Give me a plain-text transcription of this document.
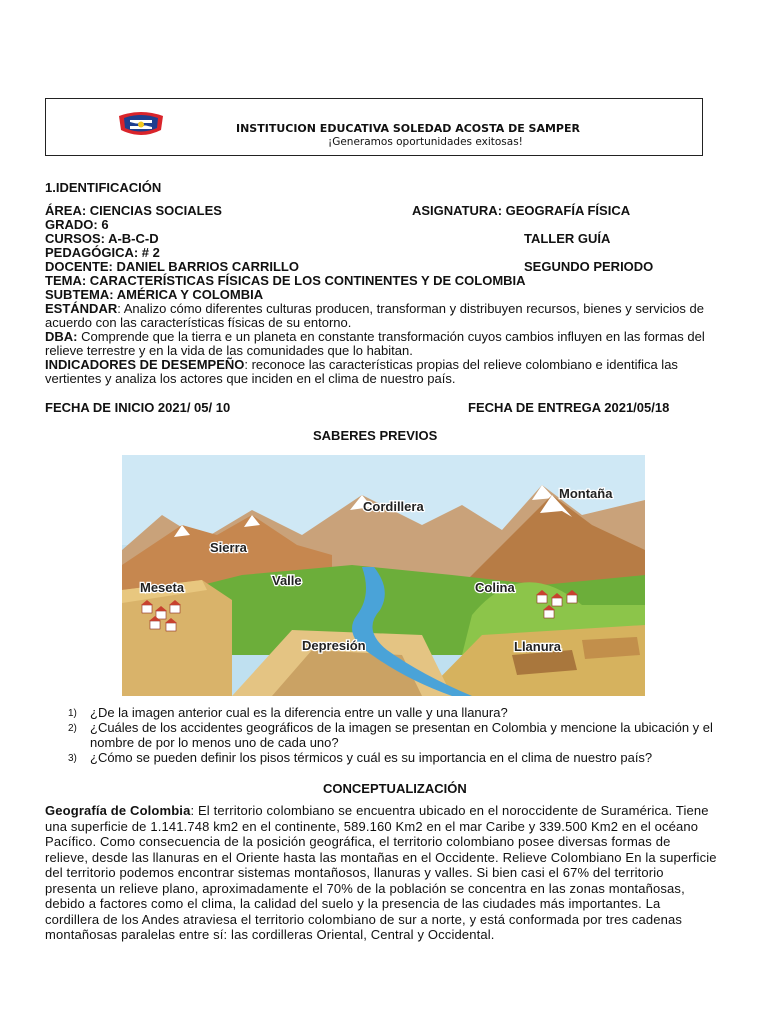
INSTITUCION EDUCATIVA SOLEDAD ACOSTA DE SAMPER
¡Generamos oportunidades exitosas!
1.IDENTIFICACIÓN
ÁREA: CIENCIAS SOCIALES	ASIGNATURA: GEOGRAFÍA FÍSICA
GRADO: 6
CURSOS: A-B-C-D	TALLER GUÍA
PEDAGÓGICA: # 2
DOCENTE: DANIEL BARRIOS CARRILLO	SEGUNDO PERIODO
TEMA: CARACTERÍSTICAS FÍSICAS DE LOS CONTINENTES Y DE COLOMBIA
SUBTEMA: AMÉRICA Y COLOMBIA
ESTÁNDAR: Analizo cómo diferentes culturas producen, transforman y distribuyen recursos, bienes y servicios de acuerdo con las características físicas de su entorno.
DBA: Comprende que la tierra e un planeta en constante transformación cuyos cambios influyen en las formas del relieve terrestre y en la vida de las comunidades que lo habitan.
INDICADORES DE DESEMPEÑO: reconoce las características propias del relieve colombiano e identifica las vertientes y analiza los actores que inciden en el clima de nuestro país.
FECHA DE INICIO 2021/ 05/ 10	FECHA DE ENTREGA 2021/05/18
SABERES PREVIOS
Cordillera
Montaña
Sierra
Valle
Meseta	Colina
Depresión	Llanura
1) ¿De la imagen anterior cual es la diferencia entre un valle y una llanura?
2) ¿Cuáles de los accidentes geográficos de la imagen se presentan en Colombia y mencione la ubicación y el nombre de por lo menos uno de cada uno?
3) ¿Cómo se pueden definir los pisos térmicos y cuál es su importancia en el clima de nuestro país?
CONCEPTUALIZACIÓN
Geografía de Colombia: El territorio colombiano se encuentra ubicado en el noroccidente de Suramérica. Tiene una superficie de 1.141.748 km2 en el continente, 589.160 Km2 en el mar Caribe y 339.500 Km2 en el océano Pacífico. Como consecuencia de la posición geográfica, el territorio colombiano posee diversas formas de relieve, desde las llanuras en el Oriente hasta las montañas en el Occidente. Relieve Colombiano En la superficie del territorio podemos encontrar sistemas montañosos, llanuras y valles. Si bien casi el 67% del territorio presenta un relieve plano, aproximadamente el 70% de la población se concentra en las zonas montañosas, debido a factores como el clima, la calidad del suelo y la presencia de las ciudades más importantes. La cordillera de los Andes atraviesa el territorio colombiano de sur a norte, y está conformada por tres cadenas montañosas paralelas entre sí: las cordilleras Oriental, Central y Occidental.
